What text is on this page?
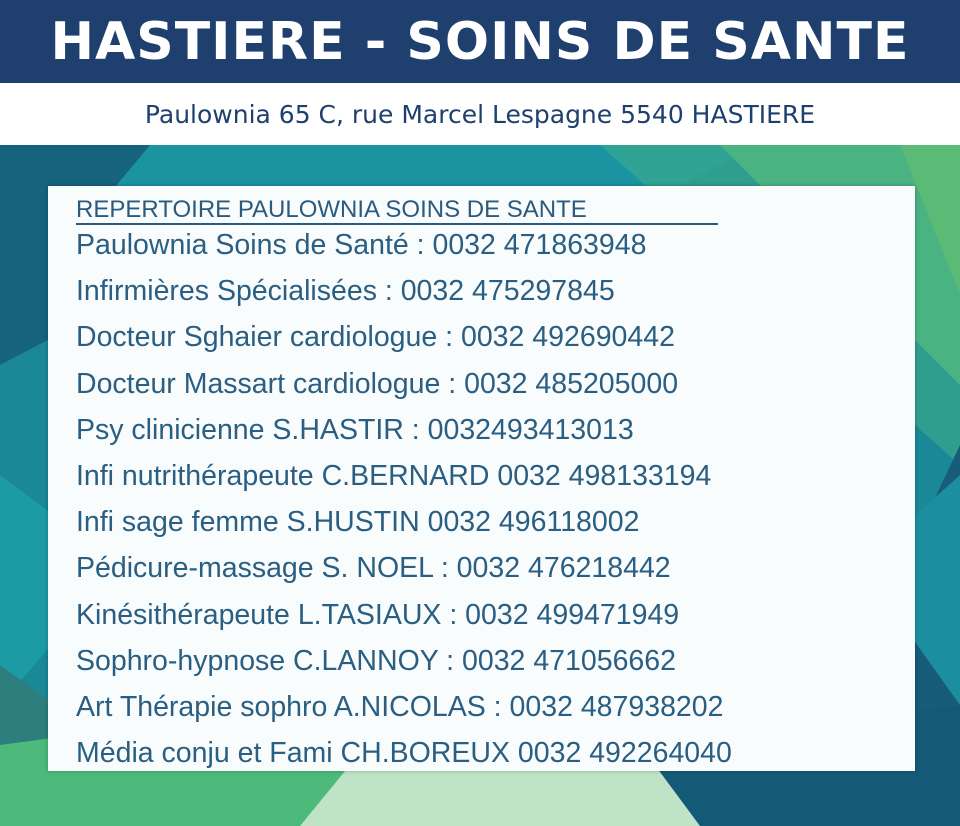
HASTIERE - SOINS DE SANTE
Paulownia 65 C, rue Marcel Lespagne 5540 HASTIERE
REPERTOIRE PAULOWNIA SOINS DE SANTE
Paulownia Soins de Santé : 0032 471863948
Infirmières Spécialisées : 0032 475297845
Docteur Sghaier cardiologue : 0032 492690442
Docteur Massart cardiologue : 0032 485205000
Psy clinicienne S.HASTIR : 0032493413013
Infi nutrithérapeute C.BERNARD 0032 498133194
Infi sage femme S.HUSTIN 0032 496118002
Pédicure-massage S. NOEL : 0032 476218442
Kinésithérapeute L.TASIAUX : 0032 499471949
Sophro-hypnose C.LANNOY : 0032 471056662
Art Thérapie sophro A.NICOLAS : 0032 487938202
Média conju et Fami CH.BOREUX 0032 492264040
